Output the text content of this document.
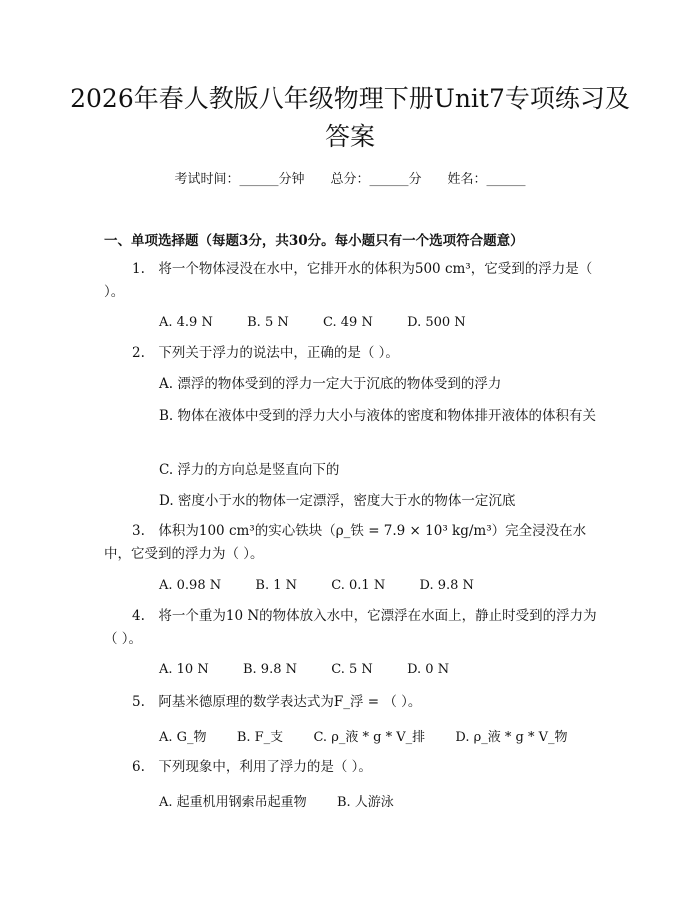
2026年春人教版八年级物理下册Unit7专项练习及答案
考试时间：______分钟 总分：______分 姓名：______
一、单项选择题（每题3分，共30分。每小题只有一个选项符合题意）

1.　将一个物体浸没在水中，它排开水的体积为500 cm³，它受到的浮力是（ ）。

A. 4.9 N	B. 5 N	C. 49 N	D. 500 N

2.　下列关于浮力的说法中，正确的是（ ）。

A. 漂浮的物体受到的浮力一定大于沉底的物体受到的浮力

B. 物体在液体中受到的浮力大小与液体的密度和物体排开液体的体积有关

C. 浮力的方向总是竖直向下的

D. 密度小于水的物体一定漂浮，密度大于水的物体一定沉底

3.　体积为100 cm³的实心铁块（ρ_铁 = 7.9 × 10³ kg/m³）完全浸没在水中，它受到的浮力为（ ）。

A. 0.98 N	B. 1 N	C. 0.1 N	D. 9.8 N

4.　将一个重为10 N的物体放入水中，它漂浮在水面上，静止时受到的浮力为（ ）。

A. 10 N	B. 9.8 N	C. 5 N	D. 0 N

5.　阿基米德原理的数学表达式为F_浮 = （ ）。

A. G_物 B. F_支 C. ρ_液 * g * V_排 D. ρ_液 * g * V_物

6.　下列现象中，利用了浮力的是（ ）。

A. 起重机用钢索吊起重物 B. 人游泳
